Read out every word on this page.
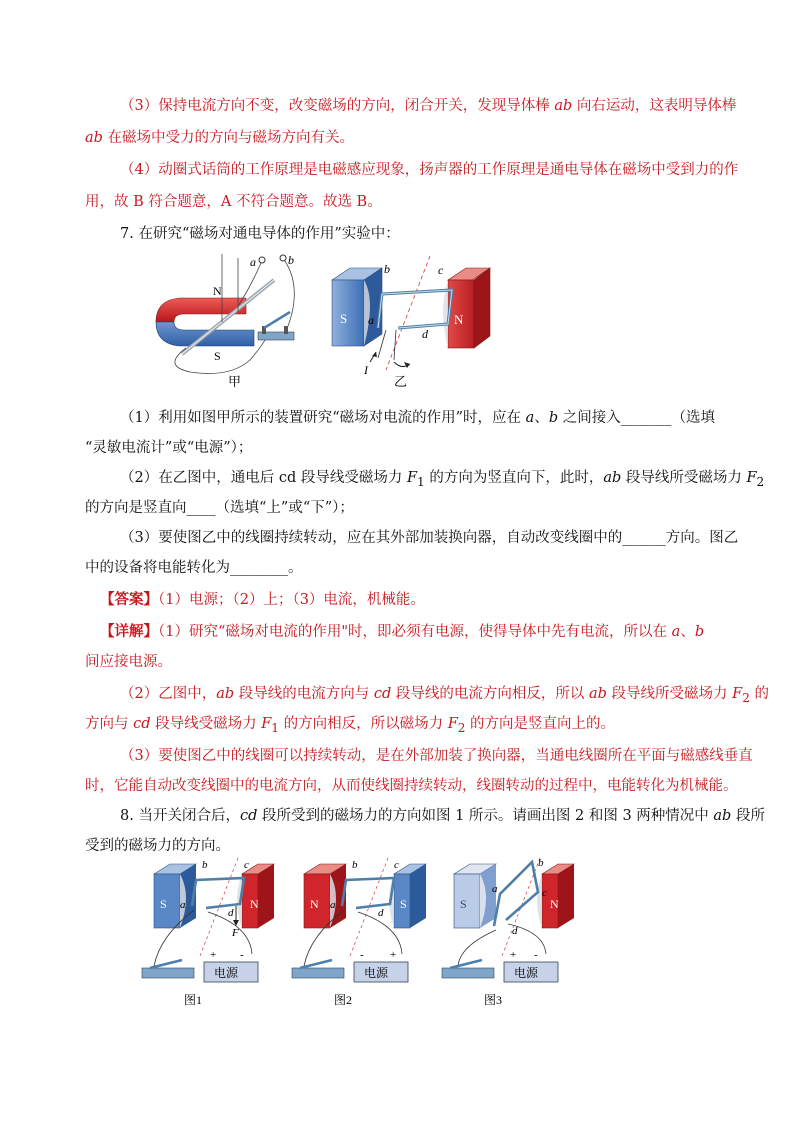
（3）保持电流方向不变，改变磁场的方向，闭合开关，发现导体棒 ab 向右运动，这表明导体棒
ab 在磁场中受力的方向与磁场方向有关。
（4）动圈式话筒的工作原理是电磁感应现象，扬声器的工作原理是通电导体在磁场中受到力的作
用，故 B 符合题意，A 不符合题意。故选 B。
7. 在研究“磁场对通电导体的作用”实验中：
N
S
a	b
甲
S	N
b	c
a
d
I
乙
（1）利用如图甲所示的装置研究“磁场对电流的作用”时，应在 a、b 之间接入_______（选填
“灵敏电流计”或“电源”）；
（2）在乙图中，通电后 cd 段导线受磁场力 $F_1$ 的方向为竖直向下，此时，ab 段导线所受磁场力 $F_2$
的方向是竖直向____（选填“上”或“下”）；
（3）要使图乙中的线圈持续转动，应在其外部加装换向器，自动改变线圈中的______方向。图乙
中的设备将电能转化为________。
【答案】（1）电源；（2）上；（3）电流，机械能。
【详解】（1）研究“磁场对电流的作用"时，即必须有电源，使得导体中先有电流，所以在 a、b
间应接电源。
（2）乙图中，ab 段导线的电流方向与 cd 段导线的电流方向相反，所以 ab 段导线所受磁场力 $F_2$ 的
方向与 cd 段导线受磁场力 $F_1$ 的方向相反，所以磁场力 $F_2$ 的方向是竖直向上的。
（3）要使图乙中的线圈可以持续转动，是在外部加装了换向器，当通电线圈所在平面与磁感线垂直
时，它能自动改变线圈中的电流方向，从而使线圈持续转动，线圈转动的过程中，电能转化为机械能。
8. 当开关闭合后，cd 段所受到的磁场力的方向如图 1 所示。请画出图 2 和图 3 两种情况中 ab 段所
受到的磁场力的方向。
S	N
b	c
a
d
F
电源
+ -
图1
N	S
b	c
a
d
电源
- +
图2
S	N
b
c
a
d
电源
+ -
图3
